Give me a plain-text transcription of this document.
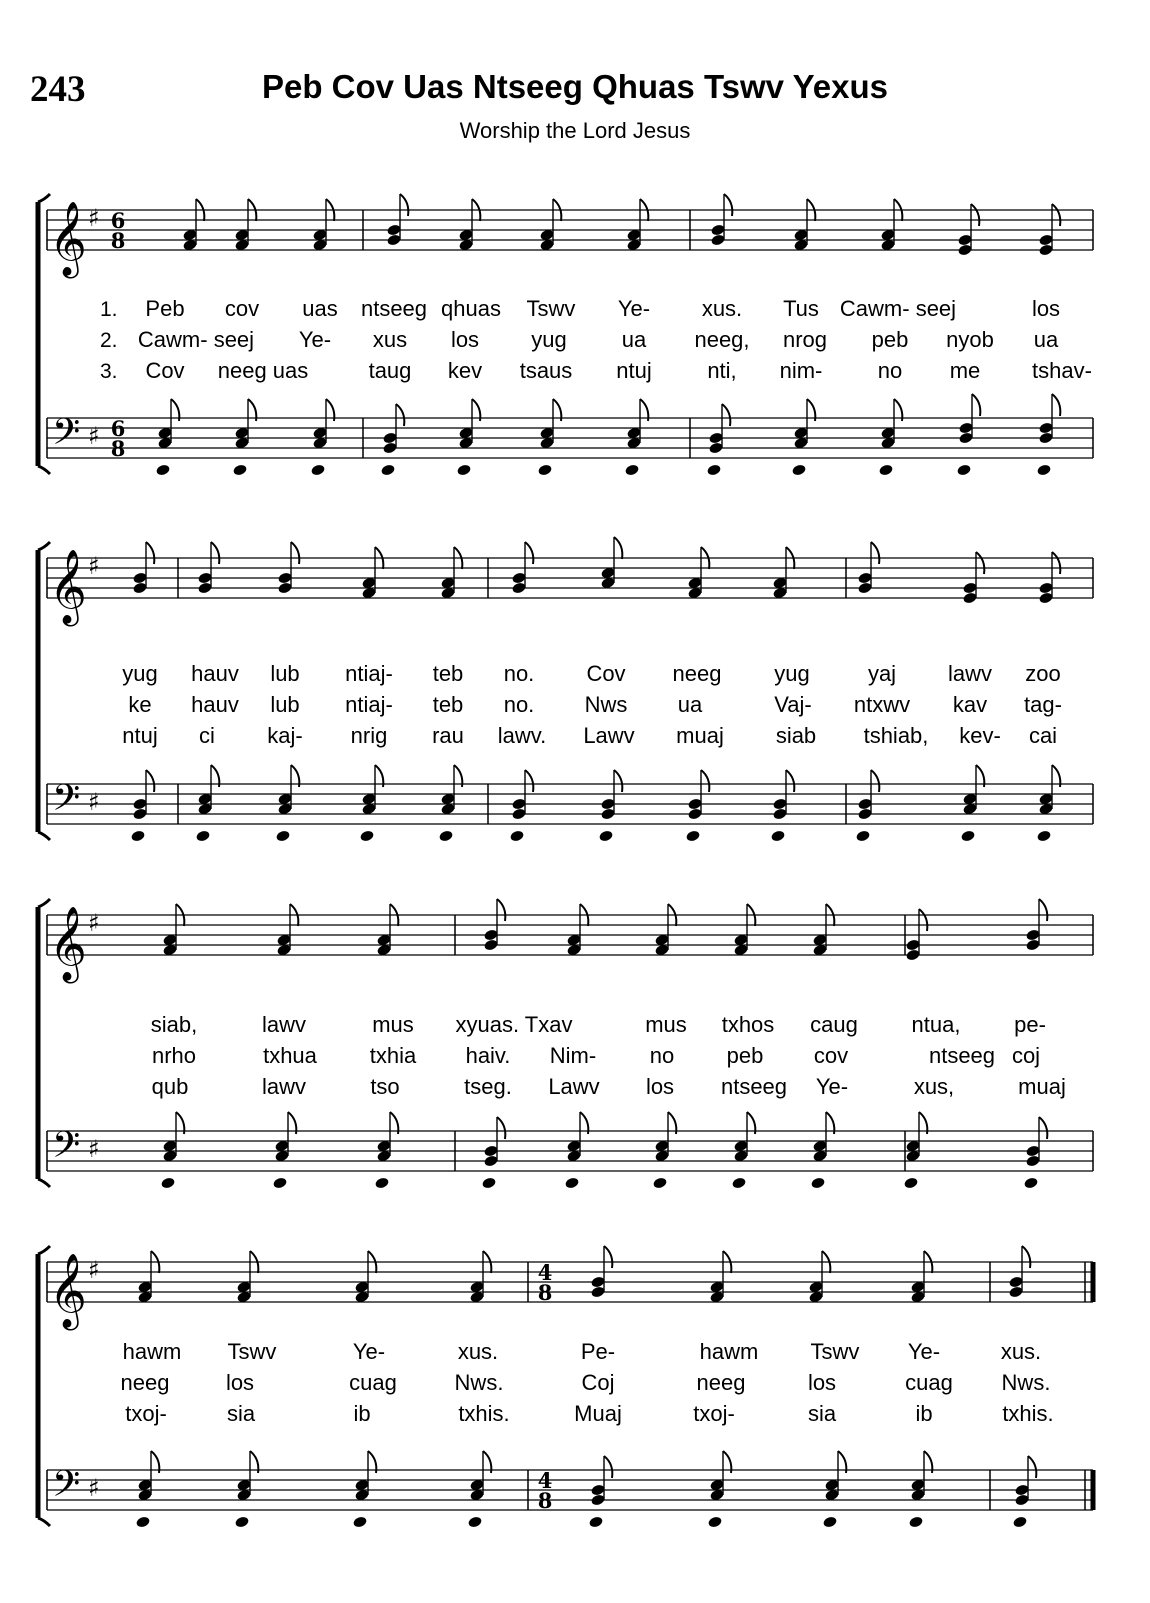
243	Peb Cov Uas Ntseeg Qhuas Tswv Yexus
Worship the Lord Jesus
𝄞
𝄢
♯
♯
6
8
6
8
1. Peb cov uas ntseeg qhuas Tswv Ye- xus. Tus Cawm- seej	los
2. Cawm- seej Ye- xus los yug	ua neeg, nrog peb nyob ua
3. Cov neeg uas	taug kev tsaus ntuj	nti, nim-	no me tshav-
𝄞
𝄢
♯
♯
yug hauv lub ntiaj- teb no. Cov neeg yug	yaj lawv zoo
ke hauv lub ntiaj- teb no. Nws ua	Vaj- ntxwv kav tag-
ntuj ci kaj- nrig rau lawv. Lawv muaj siab tshiab, kev- cai
𝄞
𝄢
♯
♯
siab,	lawv	mus xyuas. Txav	mus txhos caug ntua, pe-
nrho	txhua txhia haiv. Nim- no peb cov	ntseeg coj
qub	lawv	tso	tseg. Lawv los ntseeg Ye-	xus,	muaj
𝄞
𝄢
♯
♯
4
8
4
8
hawm Tswv	Ye-	xus.	Pe-	hawm Tswv Ye-	xus.
neeg	los	cuag	Nws.	Coj	neeg	los	cuag Nws.
txoj-	sia	ib	txhis.	Muaj	txoj-	sia	ib	txhis.
